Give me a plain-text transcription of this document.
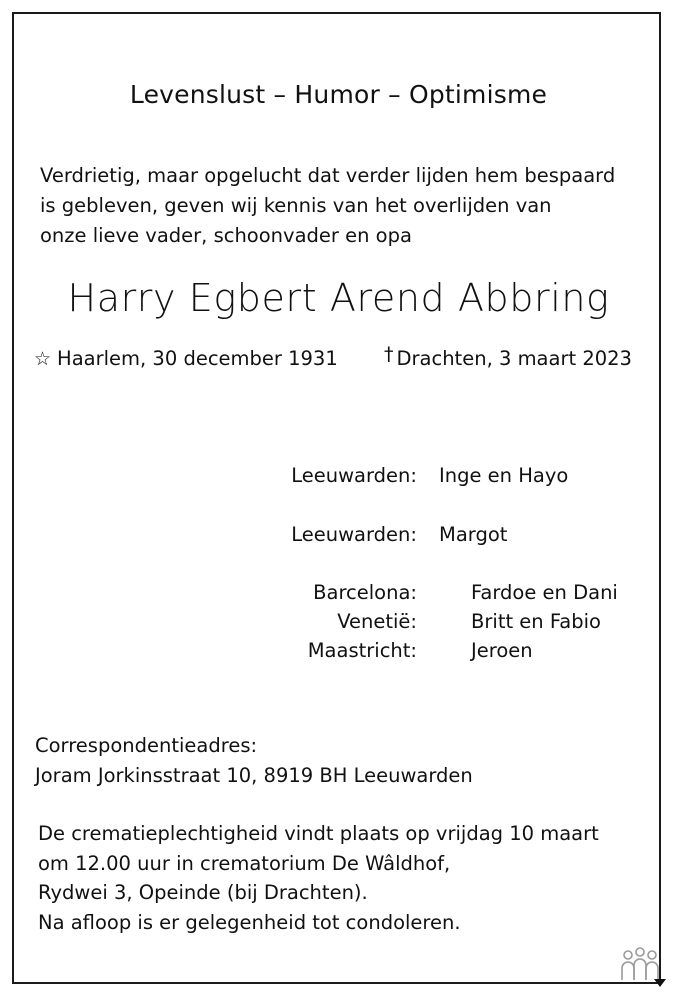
Levenslust – Humor – Optimisme
Verdrietig, maar opgelucht dat verder lijden hem bespaard
is gebleven, geven wij kennis van het overlijden van
onze lieve vader, schoonvader en opa
Harry Egbert Arend Abbring
☆ Haarlem, 30 december 1931 † Drachten, 3 maart 2023
Leeuwarden: Inge en Hayo
Leeuwarden: Margot
Barcelona:	Fardoe en Dani
Venetië:	Britt en Fabio
Maastricht:	Jeroen
Correspondentieadres:
Joram Jorkinsstraat 10, 8919 BH Leeuwarden
De crematieplechtigheid vindt plaats op vrijdag 10 maart
om 12.00 uur in crematorium De Wâldhof,
Rydwei 3, Opeinde (bij Drachten).
Na afloop is er gelegenheid tot condoleren.
